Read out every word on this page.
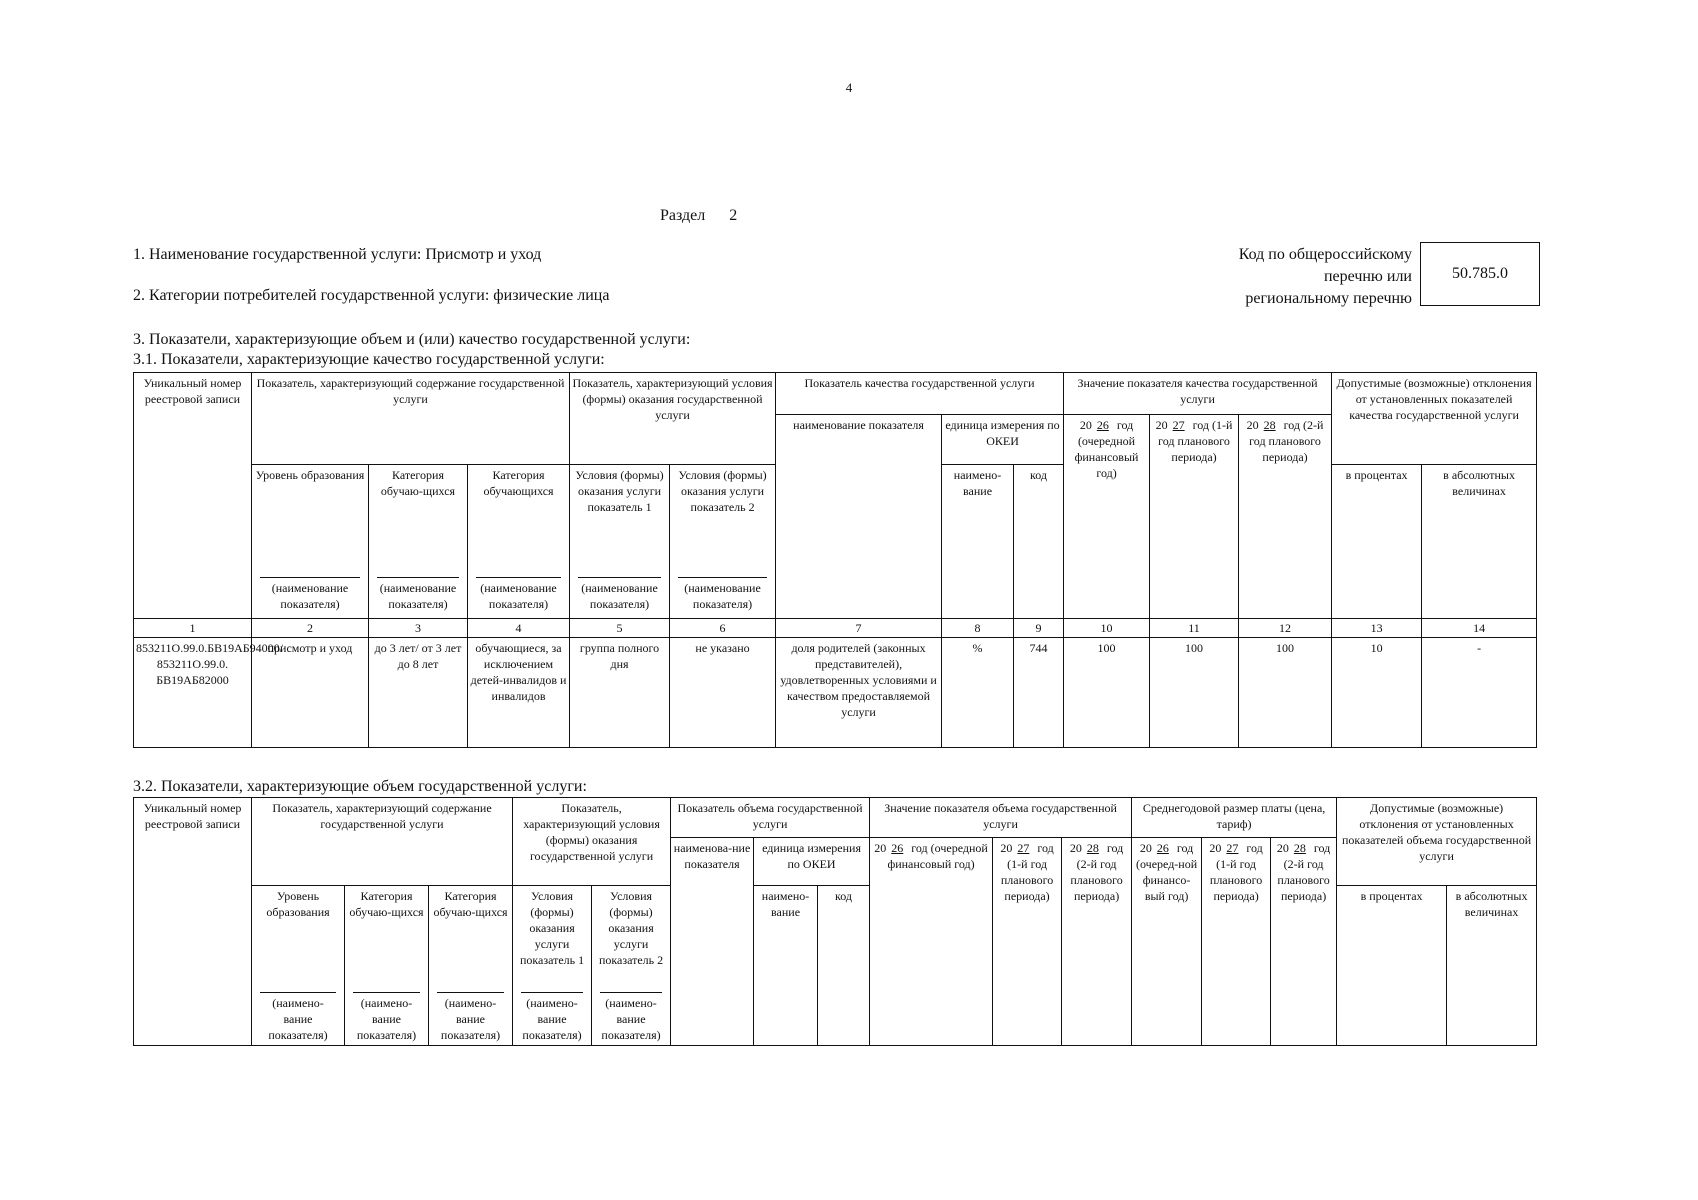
4
Раздел 2
1. Наименование государственной услуги: Присмотр и уход
2. Категории потребителей государственной услуги: физические лица
Код по общероссийскому
перечню или
региональному перечню
50.785.0
3. Показатели, характеризующие объем и (или) качество государственной услуги:
3.1. Показатели, характеризующие качество государственной услуги:
Уникальный номер реестровой записи	Показатель, характеризующий содержание государственной услуги			Показатель, характеризующий условия (формы) оказания государственной услуги		Показатель качества государственной услуги			Значение показателя качества государственной услуги			Допустимые (возможные) отклонения от установленных показателей качества государственной услуги	
						наименование показателя	единица измерения по ОКЕИ		20 26 год (очередной финансовый год)	20 27 год (1-й год планового периода)	20 28 год (2-й год планового периода)		
	Уровень образования	Категория обучаю-щихся	Категория обучающихся	Условия (формы) оказания услуги показатель 1	Условия (формы) оказания услуги показатель 2		наимено-вание	код				в процентах	в абсолютных величинах

	(наименование показателя)	(наименование показателя)	(наименование показателя)	(наименование показателя)	(наименование показателя)								

1	2	3	4	5	6	7	8	9	10	11	12	13	14
853211О.99.0.БВ19АБ94000/ 853211О.99.0. БВ19АБ82000	присмотр и уход	до 3 лет/ от 3 лет до 8 лет	обучающиеся, за исключением детей-инвалидов и инвалидов	группа полного дня	не указано	доля родителей (законных представителей), удовлетворенных условиями и качеством предоставляемой услуги	%	744	100	100	100	10	-
3.2. Показатели, характеризующие объем государственной услуги:
Уникальный номер реестровой записи	Показатель, характеризующий содержание государственной услуги			Показатель, характеризующий условия (формы) оказания государственной услуги		Показатель объема государственной услуги			Значение показателя объема государственной услуги			Среднегодовой размер платы (цена, тариф)			Допустимые (возможные) отклонения от установленных показателей объема государственной услуги	
						наименова-ние показателя	единица измерения по ОКЕИ		20 26 год (очередной финансовый год)	20 27 год (1-й год планового периода)	20 28 год (2-й год планового периода)	20 26 год (очеред-ной финансо-вый год)	20 27 год (1-й год планового периода)	20 28 год (2-й год планового периода)		
	Уровень образования	Категория обучаю-щихся	Категория обучаю-щихся	Условия (формы) оказания услуги показатель 1	Условия (формы) оказания услуги показатель 2		наимено-вание	код							в процентах	в абсолютных величинах

	(наимено-вание показателя)	(наимено-вание показателя)	(наимено-вание показателя)	(наимено-вание показателя)	(наимено-вание показателя)											
